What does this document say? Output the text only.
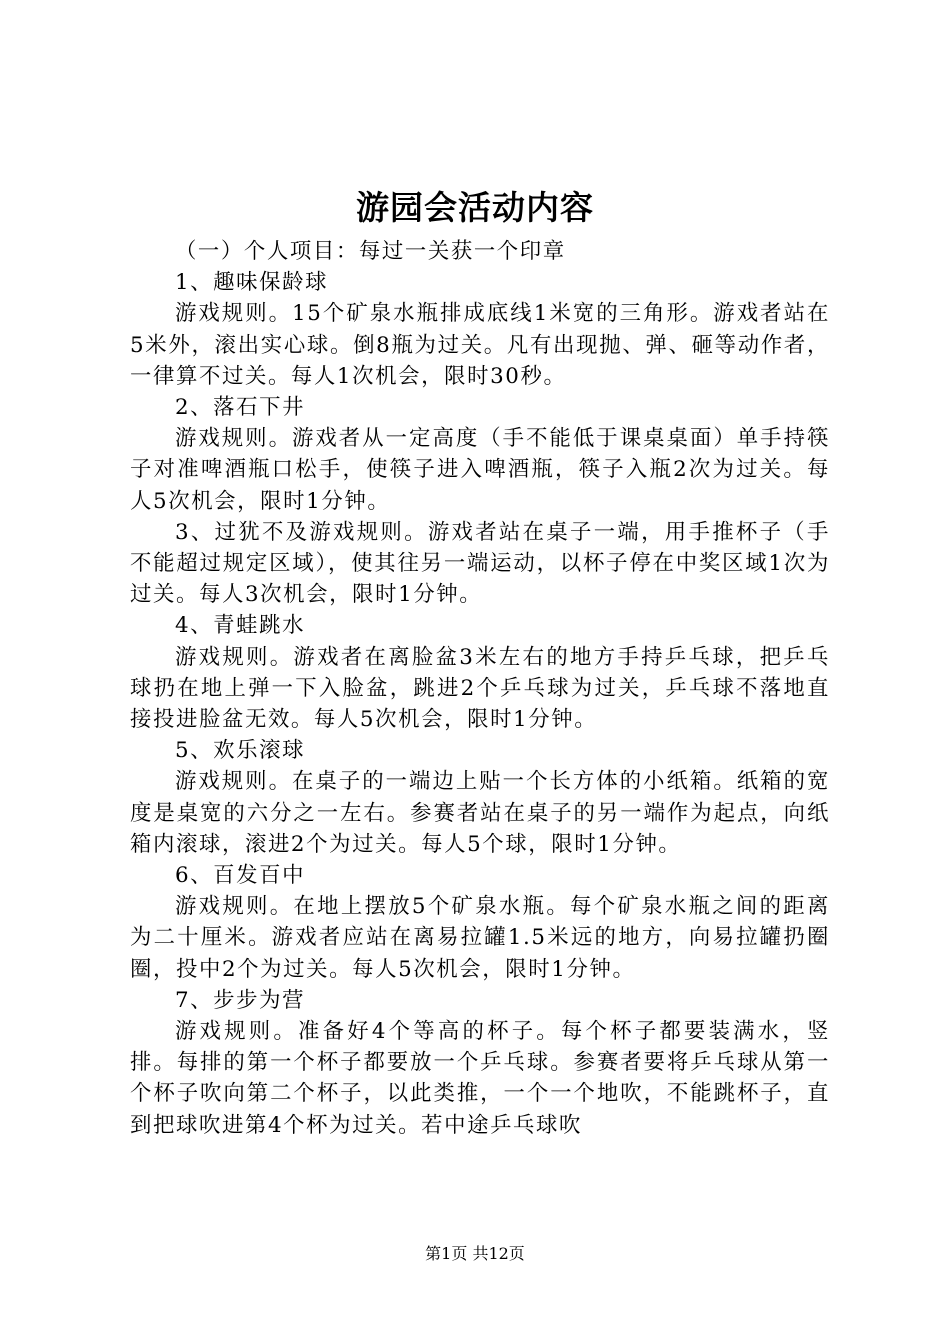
游园会活动内容

（一）个人项目：每过一关获一个印章

1、趣味保龄球

游戏规则。15个矿泉水瓶排成底线1米宽的三角形。游戏者站在5米外，滚出实心球。倒8瓶为过关。凡有出现抛、弹、砸等动作者，一律算不过关。每人1次机会，限时30秒。

2、落石下井

游戏规则。游戏者从一定高度（手不能低于课桌桌面）单手持筷子对准啤酒瓶口松手，使筷子进入啤酒瓶，筷子入瓶2次为过关。每人5次机会，限时1分钟。

3、过犹不及游戏规则。游戏者站在桌子一端，用手推杯子（手不能超过规定区域），使其往另一端运动，以杯子停在中奖区域1次为过关。每人3次机会，限时1分钟。

4、青蛙跳水

游戏规则。游戏者在离脸盆3米左右的地方手持乒乓球，把乒乓球扔在地上弹一下入脸盆，跳进2个乒乓球为过关，乒乓球不落地直接投进脸盆无效。每人5次机会，限时1分钟。

5、欢乐滚球

游戏规则。在桌子的一端边上贴一个长方体的小纸箱。纸箱的宽度是桌宽的六分之一左右。参赛者站在桌子的另一端作为起点，向纸箱内滚球，滚进2个为过关。每人5个球，限时1分钟。

6、百发百中

游戏规则。在地上摆放5个矿泉水瓶。每个矿泉水瓶之间的距离为二十厘米。游戏者应站在离易拉罐1.5米远的地方，向易拉罐扔圈圈，投中2个为过关。每人5次机会，限时1分钟。

7、步步为营

游戏规则。准备好4个等高的杯子。每个杯子都要装满水，竖排。每排的第一个杯子都要放一个乒乓球。参赛者要将乒乓球从第一个杯子吹向第二个杯子，以此类推，一个一个地吹，不能跳杯子，直到把球吹进第4个杯为过关。若中途乒乓球吹

第1页 共12页
